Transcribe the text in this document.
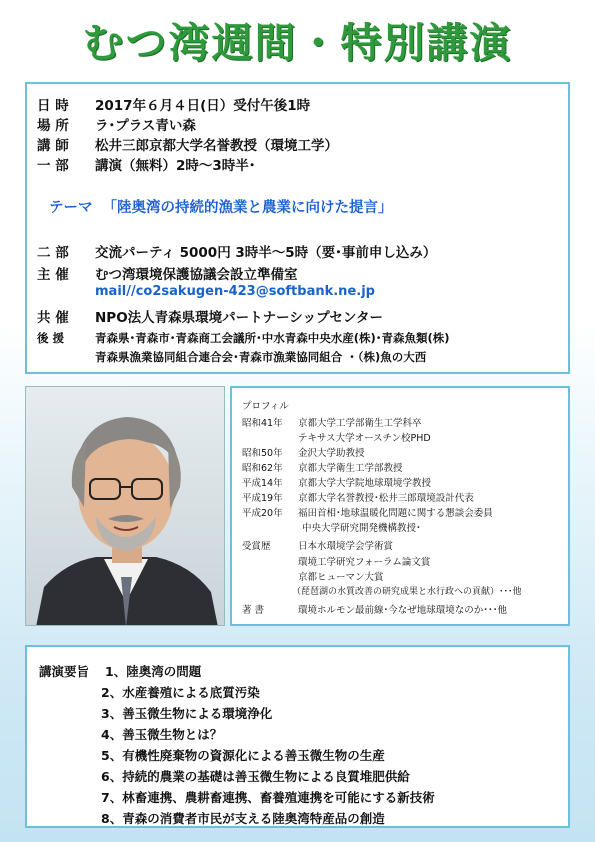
むつ湾週間・特別講演
日 時 2017年６月４日(日）受付午後1時
場 所 ラ･プラス青い森
講 師 松井三郎京都大学名誉教授（環境工学）
一 部 講演（無料）2時～3時半･
テーマ 「陸奥湾の持続的漁業と農業に向けた提言」
二 部 交流パーティ 5000円 3時半～5時（要･事前申し込み）
主 催 むつ湾環境保護協議会設立準備室
mail//co2sakugen-423@softbank.ne.jp
共 催 NPO法人青森県環境パートナーシップセンター
後 援	青森県･青森市･青森商工会議所･中水青森中央水産(株)･青森魚類(株)
青森県漁業協同組合連合会･青森市漁業協同組合 ・（株)魚の大西
プロフィル
昭和41年 京都大学工学部衛生工学科卒
テキサス大学オースチン校PHD
昭和50年 金沢大学助教授
昭和62年 京都大学衛生工学部教授
平成14年 京都大学大学院地球環境学教授
平成19年 京都大学名誉教授･松井三郎環境設計代表
平成20年 福田首相･地球温暖化問題に関する懇談会委員
中央大学研究開発機構教授･
受賞歴	日本水環境学会学術賞
環境工学研究フォーラム論文賞
京都ヒューマン大賞
（琵琶湖の水質改善の研究成果と水行政への貢献）･･･他
著 書	環境ホルモン最前線･今なぜ地球環境なのか･･･他
講演要旨 1、陸奥湾の問題
2、水産養殖による底質汚染
3、善玉微生物による環境浄化
4、善玉微生物とは？
5、有機性廃棄物の資源化による善玉微生物の生産
6、持続的農業の基礎は善玉微生物による良質堆肥供給
7、林畜連携、農耕畜連携、畜養殖連携を可能にする新技術
8、青森の消費者市民が支える陸奥湾特産品の創造
